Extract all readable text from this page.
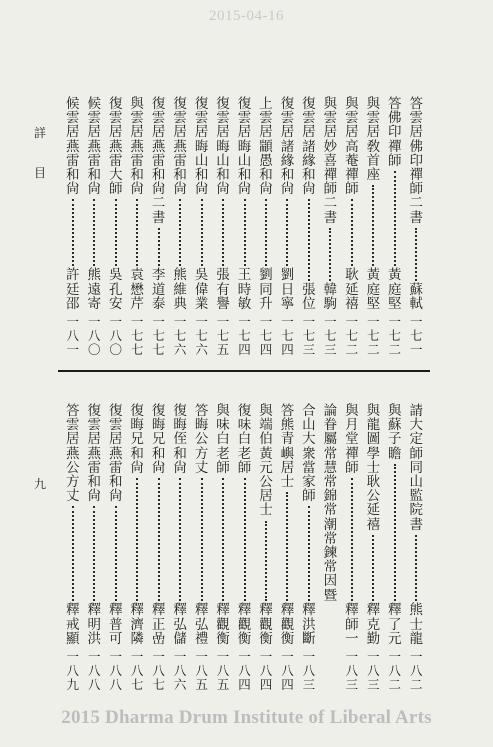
2015-04-16
詳
目
答雲居佛印禪師二書
蘇軾
一七一
答佛印禪師
黃庭堅
一七二
與雲居敎首座
黃庭堅
一七二
與雲居高菴禪師
耿延禧
一七二
與雲居妙喜禪師二書
韓駒
一七三
復雲居諸緣和尙
張位
一七三
復雲居諸緣和尙
劉日寧
一七四
上雲居顓愚和尙
劉同升
一七四
復雲居晦山和尙
王時敏
一七四
復雲居晦山和尙
張有譽
一七五
復雲居晦山和尙
吳偉業
一七六
復雲居燕雷和尙
熊維典
一七六
復雲居燕雷和尙二書
李道泰
一七七
與雲居燕雷和尙
袁懋芹
一七七
復雲居燕雷大師
吳孔安
一八〇
候雲居燕雷和尙
熊遠寄
一八〇
候雲居燕雷和尙
許廷邵
一八一
九
請大定師同山監院書
熊士龍
一八二
與蘇子瞻
釋了元
一八二
與龍圖學士耿公延禧
釋克勤
一八三
與月堂禪師
釋師一
一八三
論眷屬常慧常錦常潮常鍊常因暨
合山大衆當家師
釋洪斷
一八三
答熊青嶼居士
釋觀衡
一八四
與端伯黃元公居士
釋觀衡
一八四
復味白老師
釋觀衡
一八四
與味白老師
釋觀衡
一八五
答晦公方丈
釋弘禮
一八五
復晦侄和尙
釋弘儲
一八六
復晦兄和尙
釋正嵒
一八七
復晦兄和尙
釋濟隣
一八七
復雲居燕雷和尙
釋普可
一八八
復雲居燕雷和尙
釋明洪
一八八
答雲居燕公方丈
釋戒顯
一八九
2015 Dharma Drum Institute of Liberal Arts
